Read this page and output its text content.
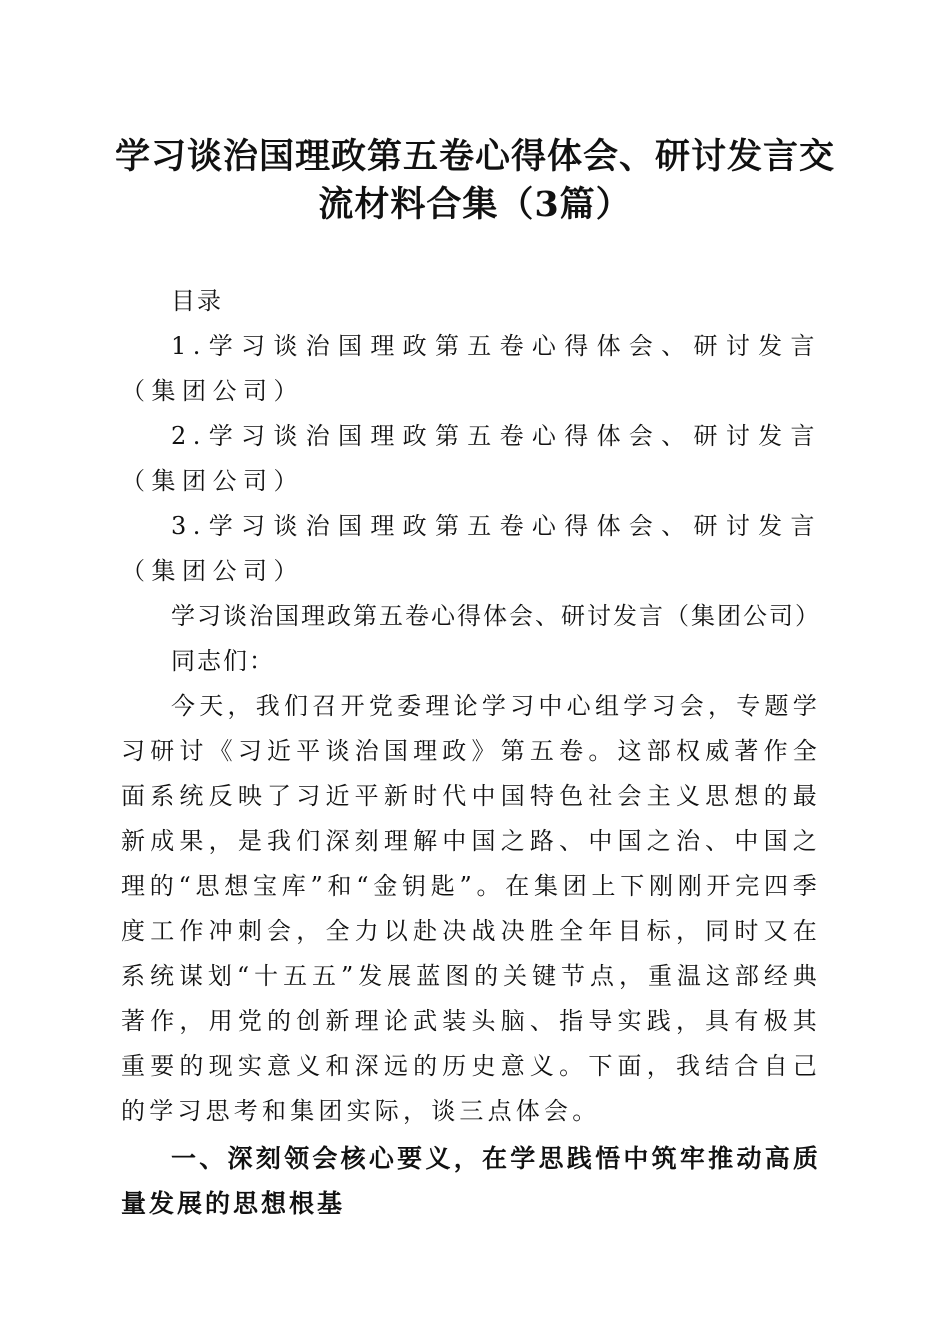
学习谈治国理政第五卷心得体会、研讨发言交
流材料合集（3篇）

目录

1.学习谈治国理政第五卷心得体会、研讨发言（集团公司）

2.学习谈治国理政第五卷心得体会、研讨发言（集团公司）

3.学习谈治国理政第五卷心得体会、研讨发言（集团公司）

学习谈治国理政第五卷心得体会、研讨发言（集团公司）

同志们：

今天，我们召开党委理论学习中心组学习会，专题学习研讨《习近平谈治国理政》第五卷。这部权威著作全面系统反映了习近平新时代中国特色社会主义思想的最新成果，是我们深刻理解中国之路、中国之治、中国之理的“思想宝库”和“金钥匙”。在集团上下刚刚开完四季度工作冲刺会，全力以赴决战决胜全年目标，同时又在系统谋划“十五五”发展蓝图的关键节点，重温这部经典著作，用党的创新理论武装头脑、指导实践，具有极其重要的现实意义和深远的历史意义。下面，我结合自己的学习思考和集团实际，谈三点体会。

一、深刻领会核心要义，在学思践悟中筑牢推动高质量发展的思想根基
